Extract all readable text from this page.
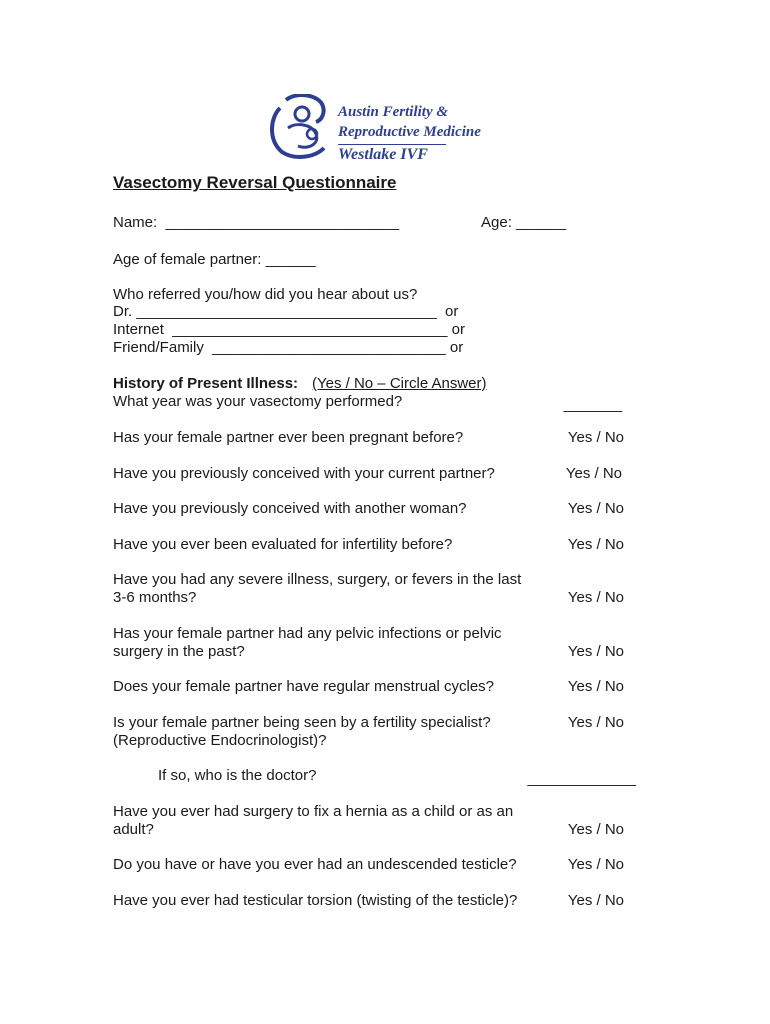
Austin Fertility &
Reproductive Medicine
Westlake IVF
Vasectomy Reversal Questionnaire
Name:  ____________________________	Age: ______
Age of female partner: ______
Who referred you/how did you hear about us?
Dr. ____________________________________  or
Internet  _________________________________ or
Friend/Family  ____________________________ or
History of Present Illness: (Yes / No – Circle Answer)
What year was your vasectomy performed?	_______
Has your female partner ever been pregnant before?	Yes / No
Have you previously conceived with your current partner?	Yes / No
Have you previously conceived with another woman?	Yes / No
Have you ever been evaluated for infertility before?	Yes / No
Have you had any severe illness, surgery, or fevers in the last
3-6 months?	Yes / No
Has your female partner had any pelvic infections or pelvic
surgery in the past?	Yes / No
Does your female partner have regular menstrual cycles?	Yes / No
Is your female partner being seen by a fertility specialist?
(Reproductive Endocrinologist)?
Yes / No
If so, who is the doctor?	_____________
Have you ever had surgery to fix a hernia as a child or as an
adult?	Yes / No
Do you have or have you ever had an undescended testicle?	Yes / No
Have you ever had testicular torsion (twisting of the testicle)?	Yes / No
